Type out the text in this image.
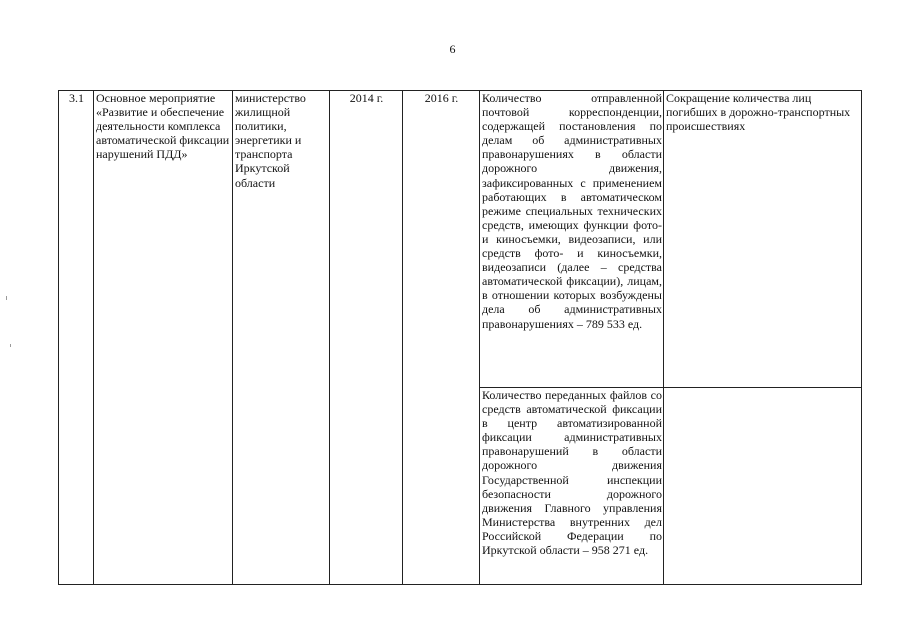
6
3.1	Основное мероприятие «Развитие и обеспечение деятельности комплекса автоматической фиксации нарушений ПДД»	министерство жилищной политики, энергетики и транспорта Иркутской области	2014 г.	2016 г.	Количество отправленной почтовой корреспонденции, содержащей постановления по делам об административных правонарушениях в области дорожного движения, зафиксированных с применением работающих в автоматическом режиме специальных технических средств, имеющих функции фото- и киносъемки, видеозаписи, или средств фото- и киносъемки, видеозаписи (далее – средства автоматической фиксации), лицам, в отношении которых возбуждены дела об административных правонарушениях – 789 533 ед.	Сокращение количества лиц погибших в дорожно-транспортных происшествиях
					Количество переданных файлов со средств автоматической фиксации в центр автоматизированной фиксации административных правонарушений в области дорожного движения Государственной инспекции безопасности дорожного движения Главного управления Министерства внутренних дел Российской Федерации по Иркутской области – 958 271 ед.	
